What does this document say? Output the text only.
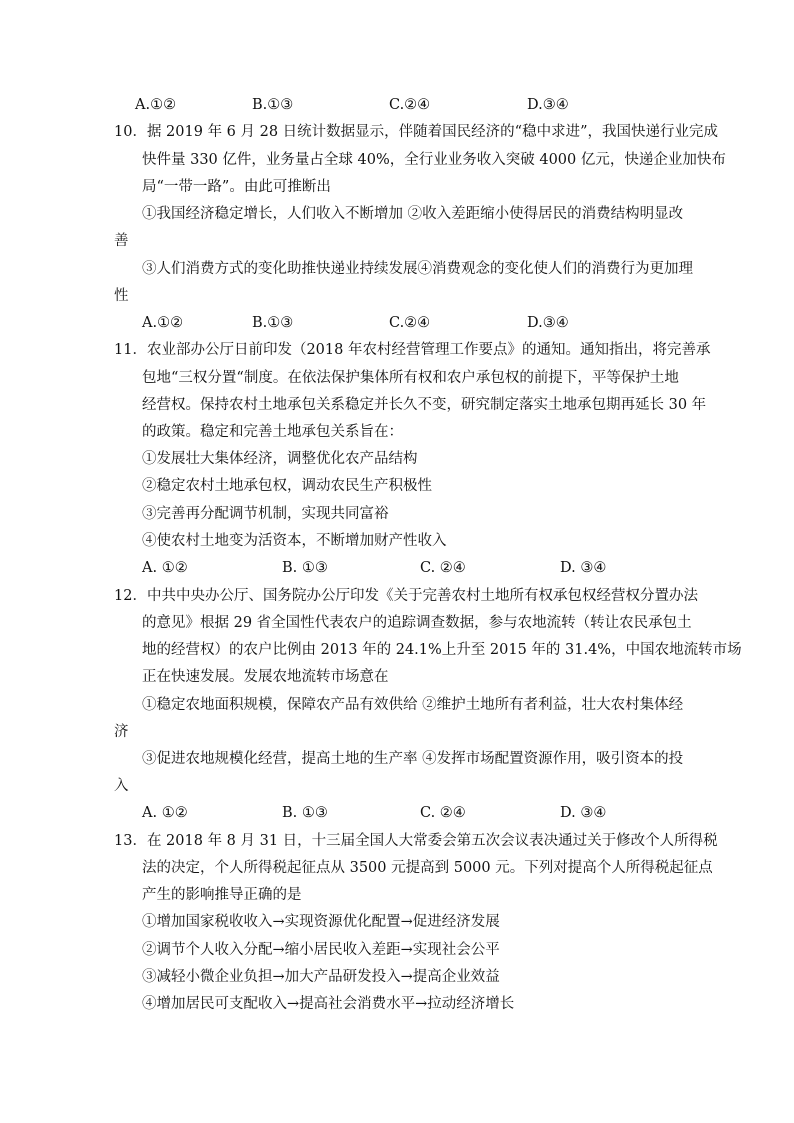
A.①②	B.①③	C.②④	D.③④
10．据 2019 年 6 月 28 日统计数据显示，伴随着国民经济的“稳中求进”，我国快递行业完成
快件量 330 亿件，业务量占全球 40%，全行业业务收入突破 4000 亿元，快递企业加快布
局“一带一路”。由此可推断出
①我国经济稳定增长，人们收入不断增加 ②收入差距缩小使得居民的消费结构明显改
善
③人们消费方式的变化助推快递业持续发展④消费观念的变化使人们的消费行为更加理
性
A.①②	B.①③	C.②④	D.③④
11．农业部办公厅日前印发（2018 年农村经营管理工作要点》的通知。通知指出，将完善承
包地“三权分置“制度。在依法保护集体所有权和农户承包权的前提下，平等保护土地
经营权。保持农村土地承包关系稳定并长久不变，研究制定落实土地承包期再延长 30 年
的政策。稳定和完善土地承包关系旨在：
①发展壮大集体经济，调整优化农产品结构
②稳定农村土地承包权，调动农民生产积极性
③完善再分配调节机制，实现共同富裕
④使农村土地变为活资本，不断增加财产性收入
A. ①②	B. ①③	C. ②④	D. ③④
12．中共中央办公厅、国务院办公厅印发《关于完善农村土地所有权承包权经营权分置办法
的意见》根据 29 省全国性代表农户的追踪调查数据，参与农地流转（转让农民承包土
地的经营权）的农户比例由 2013 年的 24.1%上升至 2015 年的 31.4%，中国农地流转市场
正在快速发展。发展农地流转市场意在
①稳定农地面积规模，保障农产品有效供给 ②维护土地所有者利益，壮大农村集体经
济
③促进农地规模化经营，提高土地的生产率 ④发挥市场配置资源作用，吸引资本的投
入
A. ①②	B. ①③	C. ②④	D. ③④
13．在 2018 年 8 月 31 日，十三届全国人大常委会第五次会议表决通过关于修改个人所得税
法的决定，个人所得税起征点从 3500 元提高到 5000 元。下列对提高个人所得税起征点
产生的影响推导正确的是
①增加国家税收收入→实现资源优化配置→促进经济发展
②调节个人收入分配→缩小居民收入差距→实现社会公平
③减轻小微企业负担→加大产品研发投入→提高企业效益
④增加居民可支配收入→提高社会消费水平→拉动经济增长
